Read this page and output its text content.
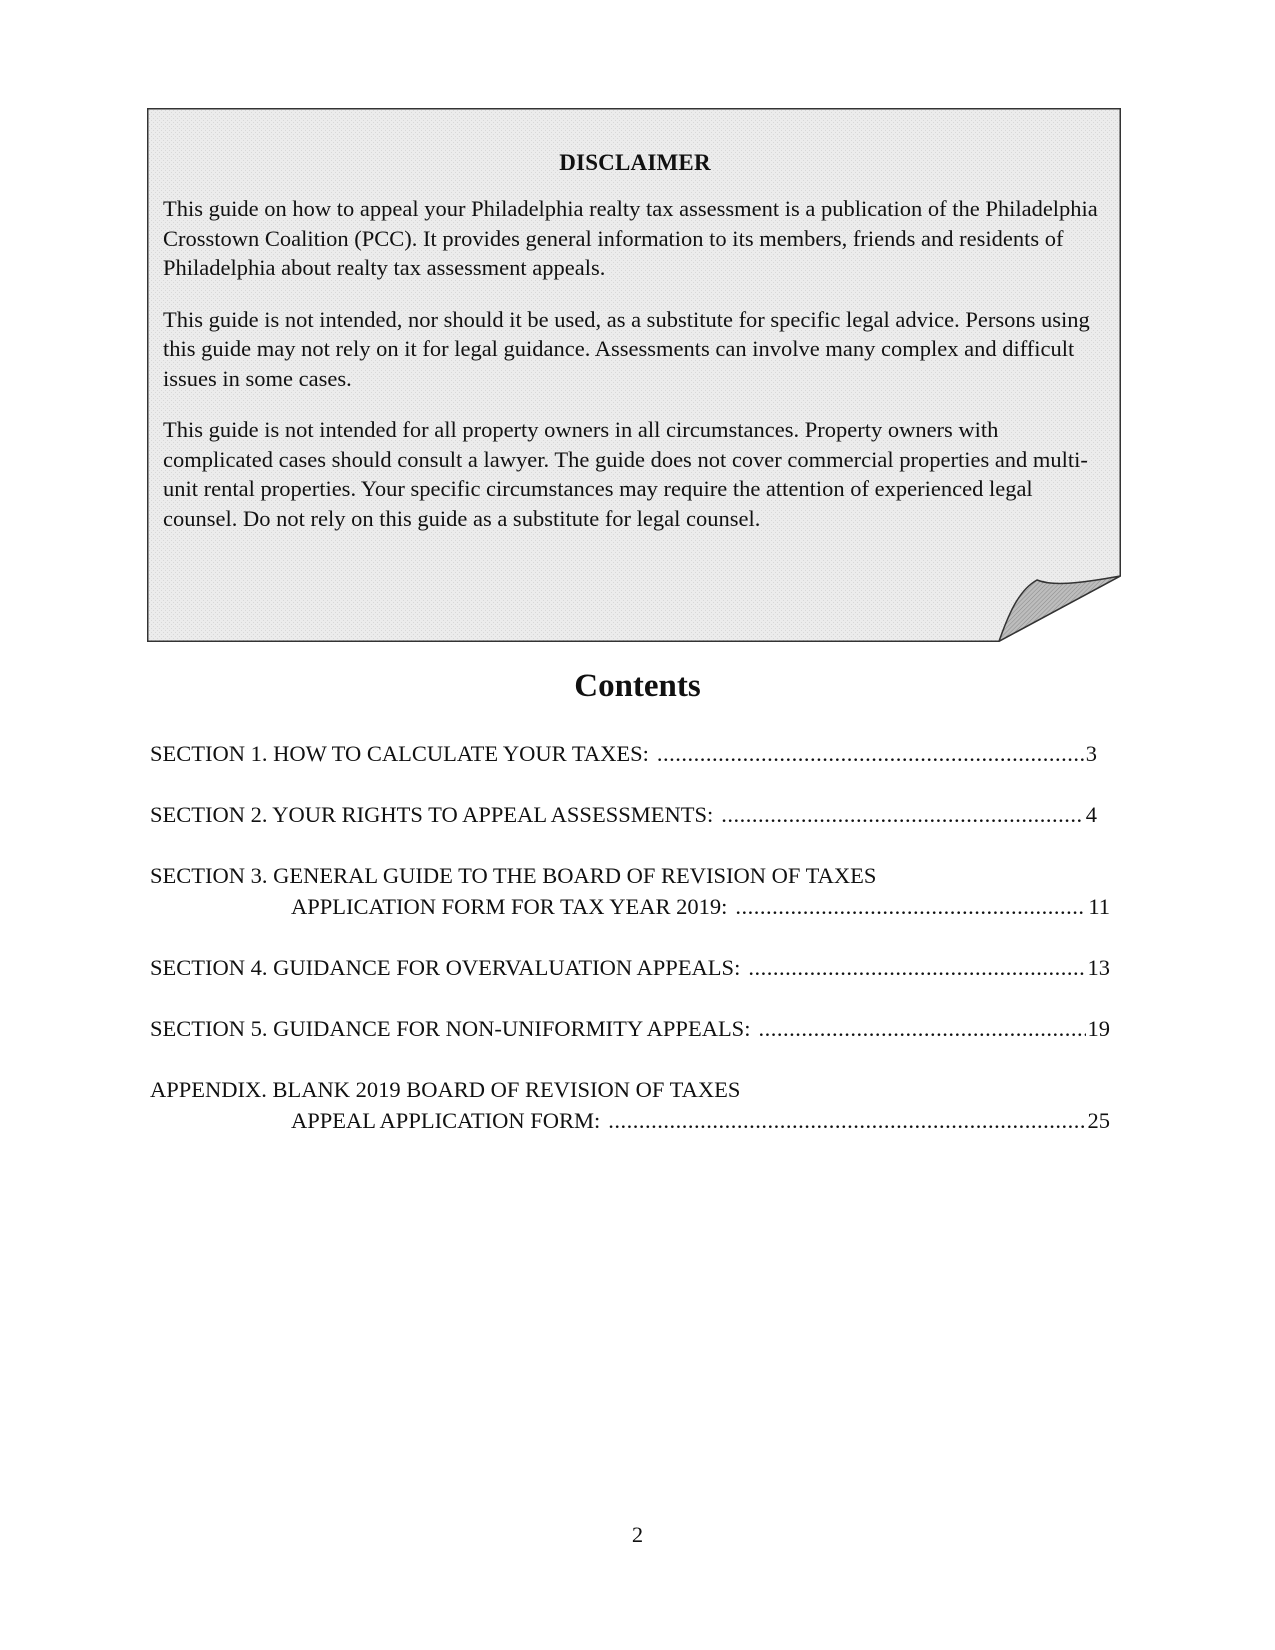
DISCLAIMER

This guide on how to appeal your Philadelphia realty tax assessment is a publication of the Philadelphia Crosstown Coalition (PCC). It provides general information to its members, friends and residents of Philadelphia about realty tax assessment appeals.

This guide is not intended, nor should it be used, as a substitute for specific legal advice. Persons using this guide may not rely on it for legal guidance. Assessments can involve many complex and difficult issues in some cases.

This guide is not intended for all property owners in all circumstances. Property owners with complicated cases should consult a lawyer. The guide does not cover commercial properties and multi-unit rental properties. Your specific circumstances may require the attention of experienced legal counsel. Do not rely on this guide as a substitute for legal counsel.

Contents
SECTION 1. HOW TO CALCULATE YOUR TAXES: .....	3
SECTION 2. YOUR RIGHTS TO APPEAL ASSESSMENTS: .....	4
SECTION 3. GENERAL GUIDE TO THE BOARD OF REVISION OF TAXES
APPLICATION FORM FOR TAX YEAR 2019: .....	11
SECTION 4. GUIDANCE FOR OVERVALUATION APPEALS: .....	13
SECTION 5. GUIDANCE FOR NON-UNIFORMITY APPEALS: .....	19
APPENDIX. BLANK 2019 BOARD OF REVISION OF TAXES
APPEAL APPLICATION FORM: .....	25
2
